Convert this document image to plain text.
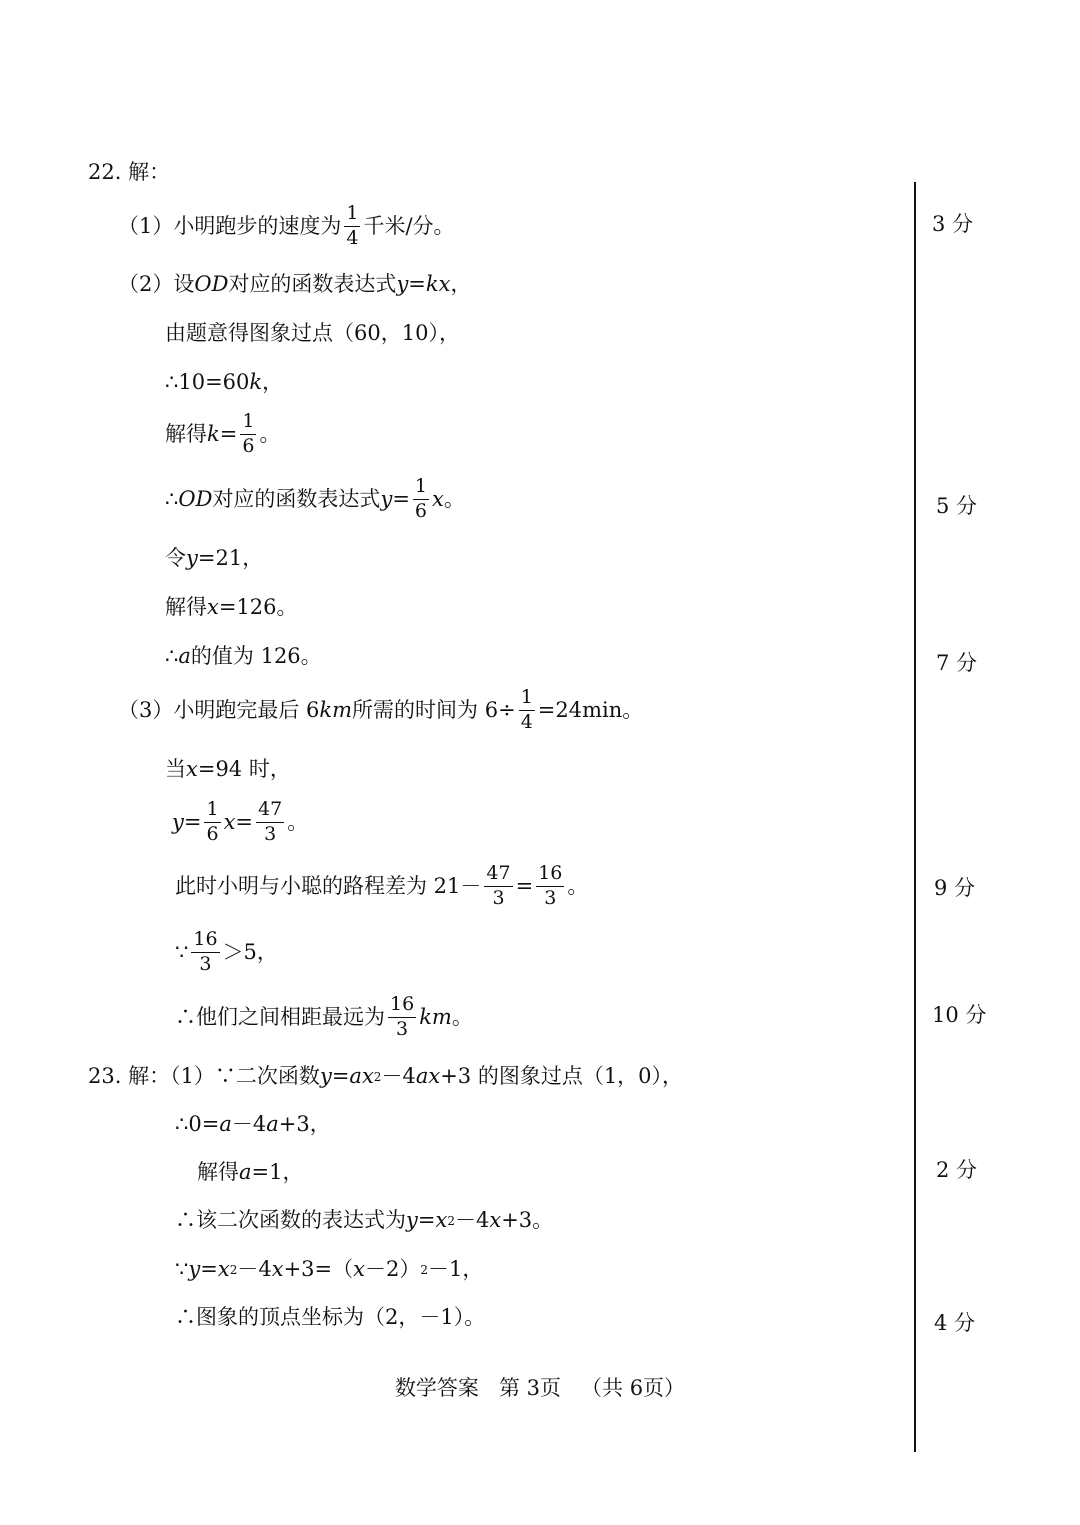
22. 解：
（1）小明跑步的速度为 $\frac{1}{4}$ 千米/分。
（2）设 OD 对应的函数表达式 y=kx ，
由题意得图象过点（60，10），
∴10=60 k ，
解得 $k = \frac{1}{6}$ 。
∴ OD 对应的函数表达式 $y = \frac{1}{6}$ x 。
令 y =21，
解得 x =126。
∴ a 的值为 126。
（3）小明跑完最后 6 km 所需的时间为 $6\div \frac{1}{4} =24\min$。
当 x =94 时，
$y = \frac{1}{6}$ $x = \frac{47}{3}$ 。
此时小明与小聪的路程差为 $21- \frac{47}{3} = \frac{16}{3}$ 。
∵ $\frac{16}{3} >5$，
∴他们之间相距最远为 $\frac{16}{3}$ km 。
23. 解：（1）∵二次函数 y = ax 2 －4 ax +3 的图象过点（1，0），
∴0= a －4 a +3，
解得 a =1，
∴该二次函数的表达式为 y = x 2 －4 x +3。
∵ y = x 2 －4 x +3=（ x －2） 2 －1，
∴图象的顶点坐标为（2，－1）。
3 分
5 分
7 分
9 分
10 分
2 分
4 分
数学答案   第 3页   （共 6页）
